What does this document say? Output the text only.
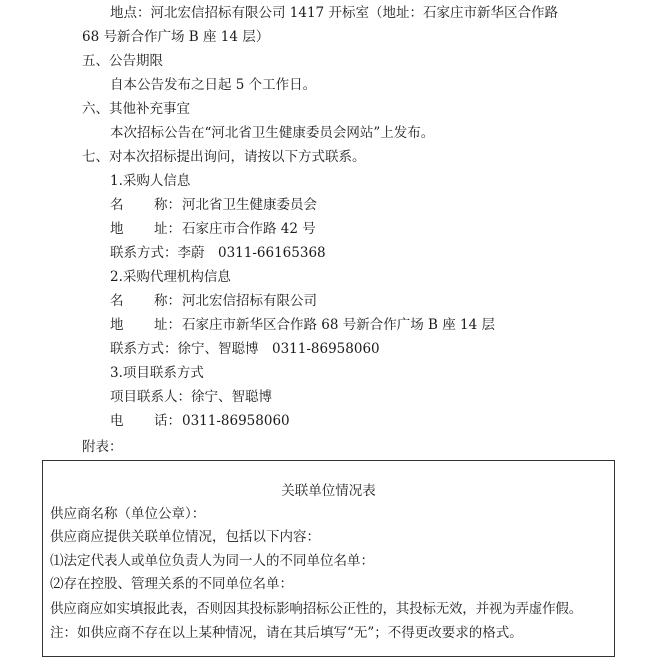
地点：河北宏信招标有限公司 1417 开标室（地址：石家庄市新华区合作路
68 号新合作广场 B 座 14 层）
五、公告期限
自本公告发布之日起 5 个工作日。
六、其他补充事宜
本次招标公告在“河北省卫生健康委员会网站”上发布。
七、对本次招标提出询问，请按以下方式联系。
1.采购人信息
名 称：河北省卫生健康委员会
地 址：石家庄市合作路 42 号
联系方式：李蔚　0311-66165368
2.采购代理机构信息
名 称：河北宏信招标有限公司
地 址：石家庄市新华区合作路 68 号新合作广场 B 座 14 层
联系方式：徐宁、智聪博　0311-86958060
3.项目联系方式
项目联系人：徐宁、智聪博
电 话：0311-86958060
附表：
关联单位情况表
供应商名称（单位公章）：
供应商应提供关联单位情况，包括以下内容：
⑴法定代表人或单位负责人为同一人的不同单位名单：
⑵存在控股、管理关系的不同单位名单：
供应商应如实填报此表，否则因其投标影响招标公正性的，其投标无效，并视为弄虚作假。
注：如供应商不存在以上某种情况，请在其后填写“无”；不得更改要求的格式。
